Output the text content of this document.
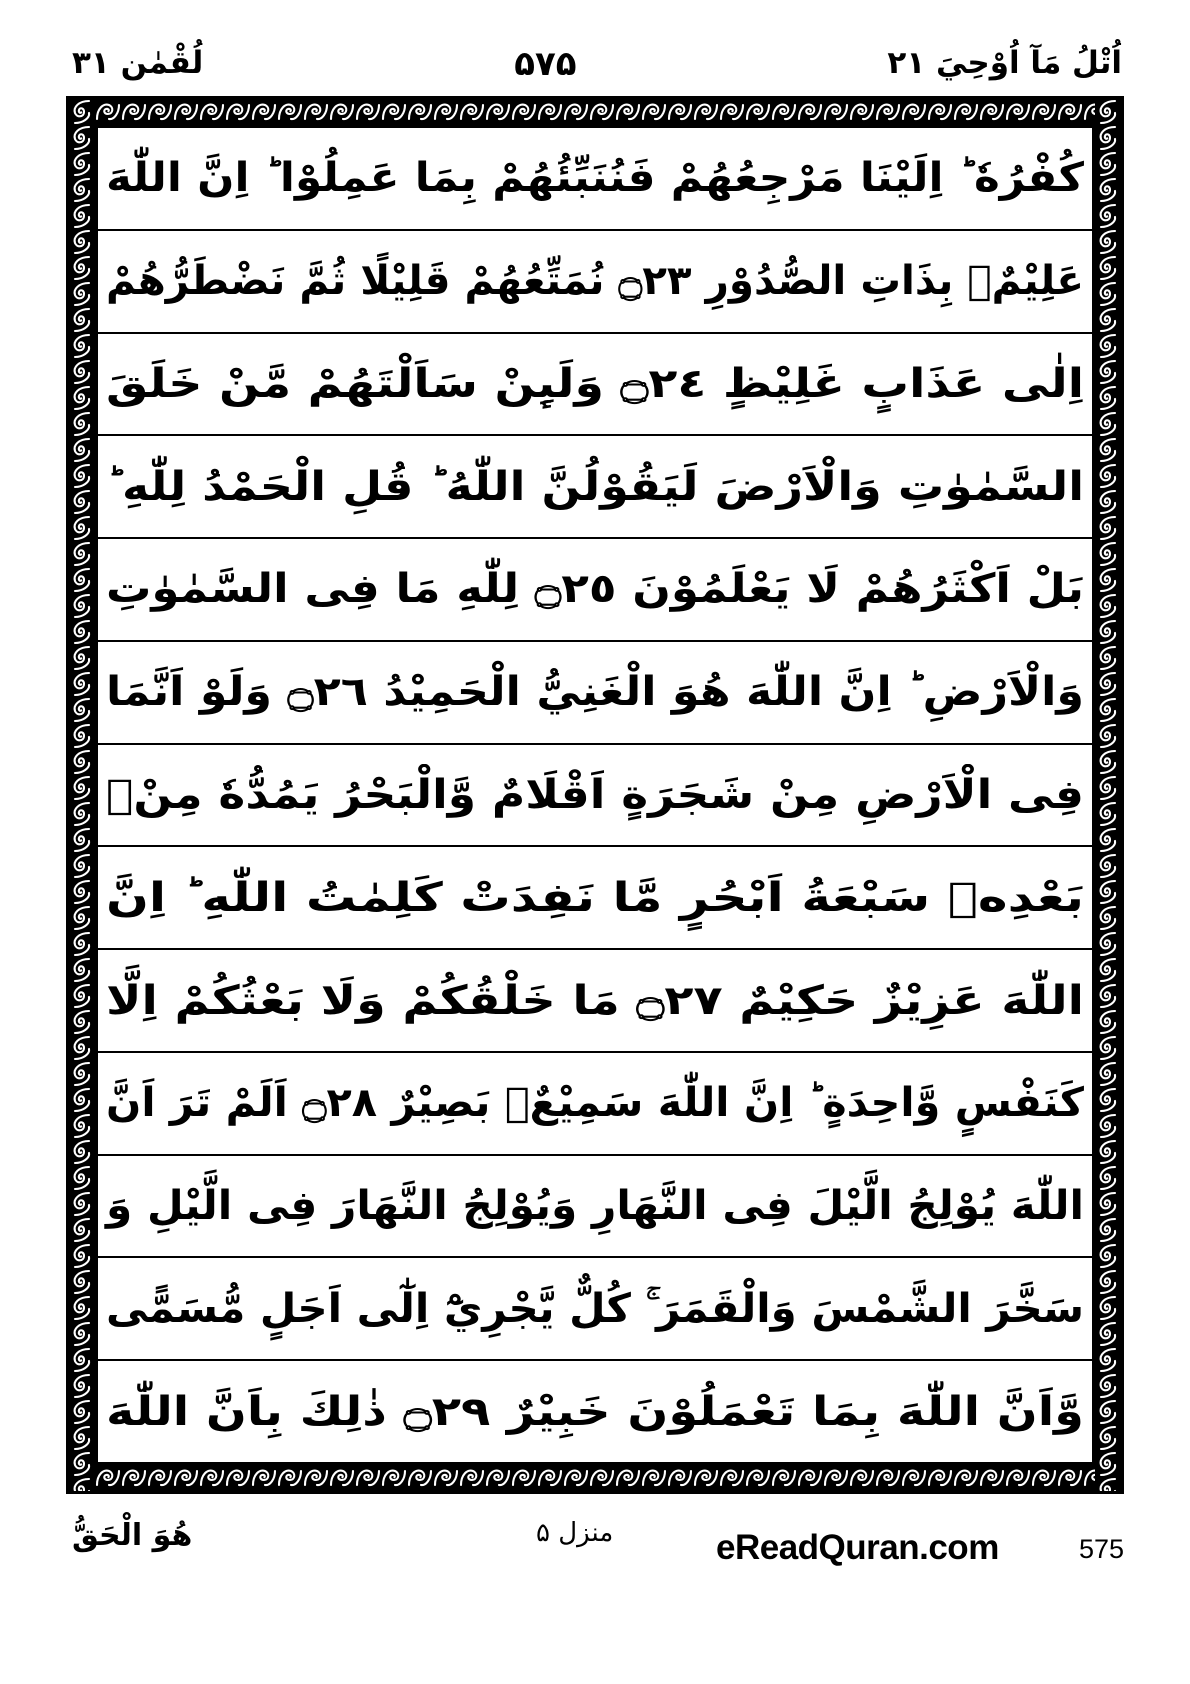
اُتْلُ مَآ اُوْحِيَ ٢١
۵۷۵
لُقْمٰن ٣١
كُفْرُهٗ ؕ اِلَيْنَا مَرْجِعُهُمْ فَنُنَبِّئُهُمْ بِمَا عَمِلُوْا ؕ اِنَّ اللّٰهَ
عَلِيْمٌۢ بِذَاتِ الصُّدُوْرِ ۝٢٣ نُمَتِّعُهُمْ قَلِيْلًا ثُمَّ نَضْطَرُّهُمْ
اِلٰى عَذَابٍ غَلِيْظٍ ۝٢٤ وَلَىِٕنْ سَاَلْتَهُمْ مَّنْ خَلَقَ
السَّمٰوٰتِ وَالْاَرْضَ لَيَقُوْلُنَّ اللّٰهُ ؕ قُلِ الْحَمْدُ لِلّٰهِ ؕ
بَلْ اَكْثَرُهُمْ لَا يَعْلَمُوْنَ ۝٢٥ لِلّٰهِ مَا فِى السَّمٰوٰتِ
وَالْاَرْضِ ؕ اِنَّ اللّٰهَ هُوَ الْغَنِيُّ الْحَمِيْدُ ۝٢٦ وَلَوْ اَنَّمَا
فِى الْاَرْضِ مِنْ شَجَرَةٍ اَقْلَامٌ وَّالْبَحْرُ يَمُدُّهٗ مِنْۢ
بَعْدِهٖ سَبْعَةُ اَبْحُرٍ مَّا نَفِدَتْ كَلِمٰتُ اللّٰهِ ؕ اِنَّ
اللّٰهَ عَزِيْزٌ حَكِيْمٌ ۝٢٧ مَا خَلْقُكُمْ وَلَا بَعْثُكُمْ اِلَّا
كَنَفْسٍ وَّاحِدَةٍ ؕ اِنَّ اللّٰهَ سَمِيْعٌۢ بَصِيْرٌ ۝٢٨ اَلَمْ تَرَ اَنَّ
اللّٰهَ يُوْلِجُ الَّيْلَ فِى النَّهَارِ وَيُوْلِجُ النَّهَارَ فِى الَّيْلِ وَ
سَخَّرَ الشَّمْسَ وَالْقَمَرَ ۚ كُلٌّ يَّجْرِيْٓ اِلٰٓى اَجَلٍ مُّسَمًّى
وَّاَنَّ اللّٰهَ بِمَا تَعْمَلُوْنَ خَبِيْرٌ ۝٢٩ ذٰلِكَ بِاَنَّ اللّٰهَ
هُوَ الْحَقُّ	منزل ۵	eReadQuran.com	575
